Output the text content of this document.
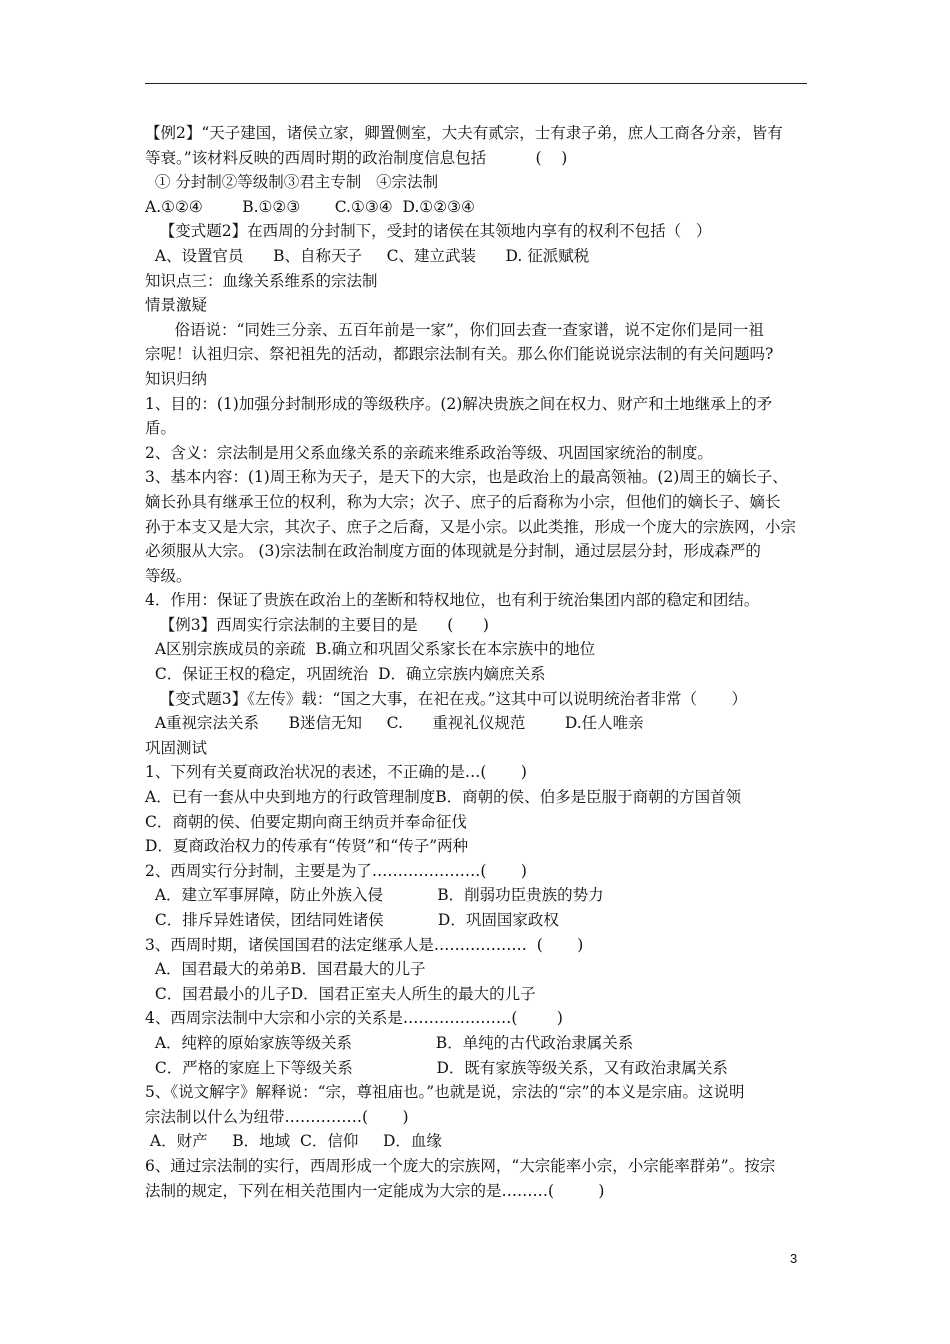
【例2】“天子建国，诸侯立家，卿置侧室，大夫有贰宗，士有隶子弟，庶人工商各分亲，皆有
等衰。”该材料反映的西周时期的政治制度信息包括          (    )
① 分封制②等级制③君主专制   ④宗法制
A.①②④        B.①②③       C.①③④  D.①②③④
【变式题2】在西周的分封制下，受封的诸侯在其领地内享有的权利不包括（   ）
A、设置官员      B、自称天子     C、建立武装      D. 征派赋税
知识点三：血缘关系维系的宗法制
情景激疑
俗语说：“同姓三分亲、五百年前是一家”，你们回去查一查家谱，说不定你们是同一祖
宗呢！认祖归宗、祭祀祖先的活动，都跟宗法制有关。那么你们能说说宗法制的有关问题吗?
知识归纳
1、目的：(1)加强分封制形成的等级秩序。(2)解决贵族之间在权力、财产和土地继承上的矛
盾。
2、含义：宗法制是用父系血缘关系的亲疏来维系政治等级、巩固国家统治的制度。
3、基本内容：(1)周王称为天子，是天下的大宗，也是政治上的最高领袖。(2)周王的嫡长子、
嫡长孙具有继承王位的权利，称为大宗；次子、庶子的后裔称为小宗，但他们的嫡长子、嫡长
孙于本支又是大宗，其次子、庶子之后裔，又是小宗。以此类推，形成一个庞大的宗族网，小宗
必须服从大宗。 (3)宗法制在政治制度方面的体现就是分封制，通过层层分封，形成森严的
等级。
4．作用：保证了贵族在政治上的垄断和特权地位，也有利于统治集团内部的稳定和团结。
【例3】西周实行宗法制的主要目的是      (      )
A区别宗族成员的亲疏  B.确立和巩固父系家长在本宗族中的地位
C．保证王权的稳定，巩固统治  D．确立宗族内嫡庶关系
【变式题3】《左传》载：“国之大事，在祀在戎。”这其中可以说明统治者非常（       ）
A重视宗法关系      B迷信无知     C.      重视礼仪规范        D.任人唯亲
巩固测试
1、下列有关夏商政治状况的表述，不正确的是…(       )
A．已有一套从中央到地方的行政管理制度B．商朝的侯、伯多是臣服于商朝的方国首领
C．商朝的侯、伯要定期向商王纳贡并奉命征伐
D．夏商政治权力的传承有“传贤”和“传子”两种
2、西周实行分封制，主要是为了…………………(       )
A．建立军事屏障，防止外族入侵           B．削弱功臣贵族的势力
C．排斥异姓诸侯，团结同姓诸侯           D．巩固国家政权
3、西周时期，诸侯国国君的法定继承人是………………  (       )
A．国君最大的弟弟B．国君最大的儿子
C．国君最小的儿子D．国君正室夫人所生的最大的儿子
4、西周宗法制中大宗和小宗的关系是…………………(        )
A．纯粹的原始家族等级关系                 B．单纯的古代政治隶属关系
C．严格的家庭上下等级关系                 D．既有家族等级关系，又有政治隶属关系
5、《说文解字》解释说：“宗，尊祖庙也。”也就是说，宗法的“宗”的本义是宗庙。这说明
宗法制以什么为纽带……………(       )
A．财产     B．地域  C．信仰     D．血缘
6、通过宗法制的实行，西周形成一个庞大的宗族网，“大宗能率小宗，小宗能率群弟”。按宗
法制的规定，下列在相关范围内一定能成为大宗的是………(         )
3
